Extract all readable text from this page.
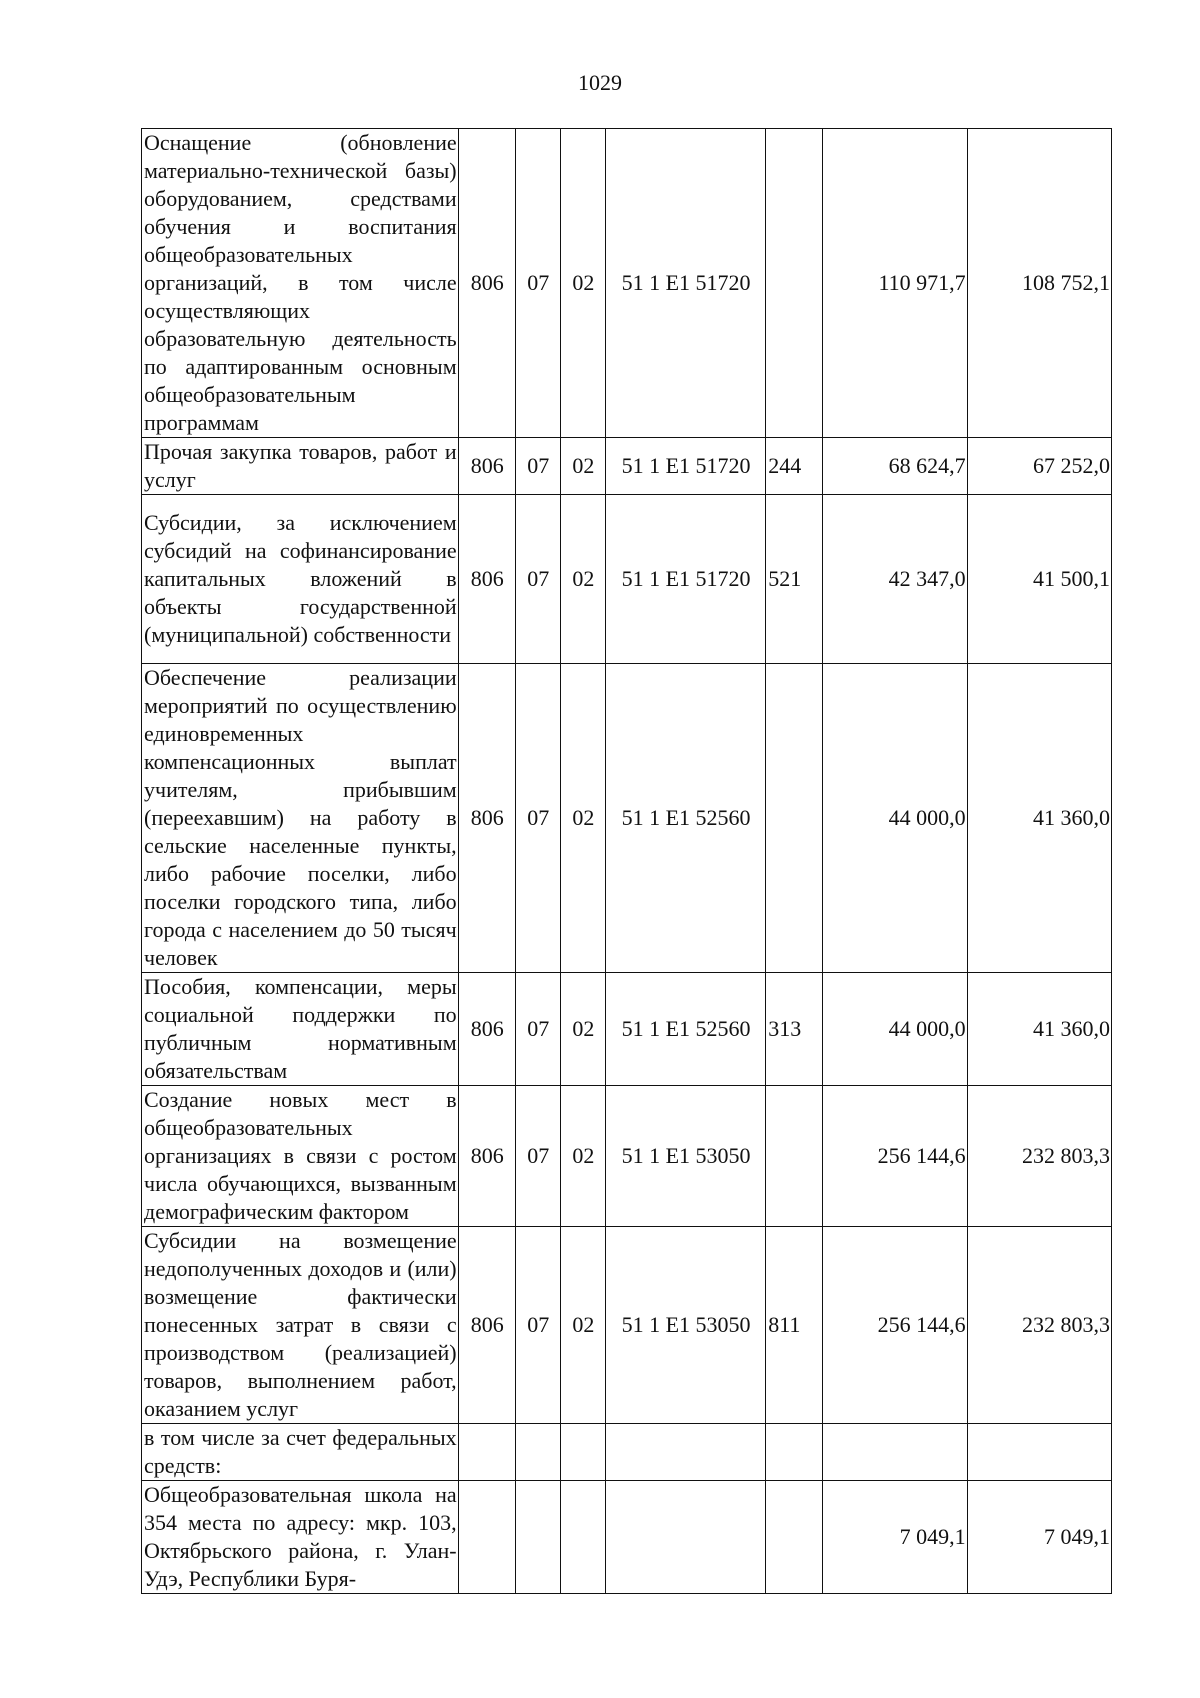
1029
Оснащение (обновление материально-технической базы) оборудованием, средствами обучения и воспитания общеобразовательных организаций, в том числе осуществляющих образовательную деятельность по адаптированным основным общеобразовательным программам	806	07	02	51 1 E1 51720		110 971,7	108 752,1
Прочая закупка товаров, работ и услуг	806	07	02	51 1 E1 51720	244	68 624,7	67 252,0
Субсидии, за исключением субсидий на софинансирование капитальных вложений в объекты государственной (муниципальной) собственности	806	07	02	51 1 E1 51720	521	42 347,0	41 500,1
Обеспечение реализации мероприятий по осуществлению единовременных компенсационных выплат учителям, прибывшим (переехавшим) на работу в сельские населенные пункты, либо рабочие поселки, либо поселки городского типа, либо города с населением до 50 тысяч человек	806	07	02	51 1 E1 52560		44 000,0	41 360,0
Пособия, компенсации, меры социальной поддержки по публичным нормативным обязательствам	806	07	02	51 1 E1 52560	313	44 000,0	41 360,0
Создание новых мест в общеобразовательных организациях в связи с ростом числа обучающихся, вызванным демографическим фактором	806	07	02	51 1 E1 53050		256 144,6	232 803,3
Субсидии на возмещение недополученных доходов и (или) возмещение фактически понесенных затрат в связи с производством (реализацией) товаров, выполнением работ, оказанием услуг	806	07	02	51 1 E1 53050	811	256 144,6	232 803,3
в том числе за счет федеральных средств:							
Общеобразовательная школа на 354 места по адресу: мкр. 103, Октябрьского района, г. Улан-Удэ, Республики Буря-						7 049,1	7 049,1
